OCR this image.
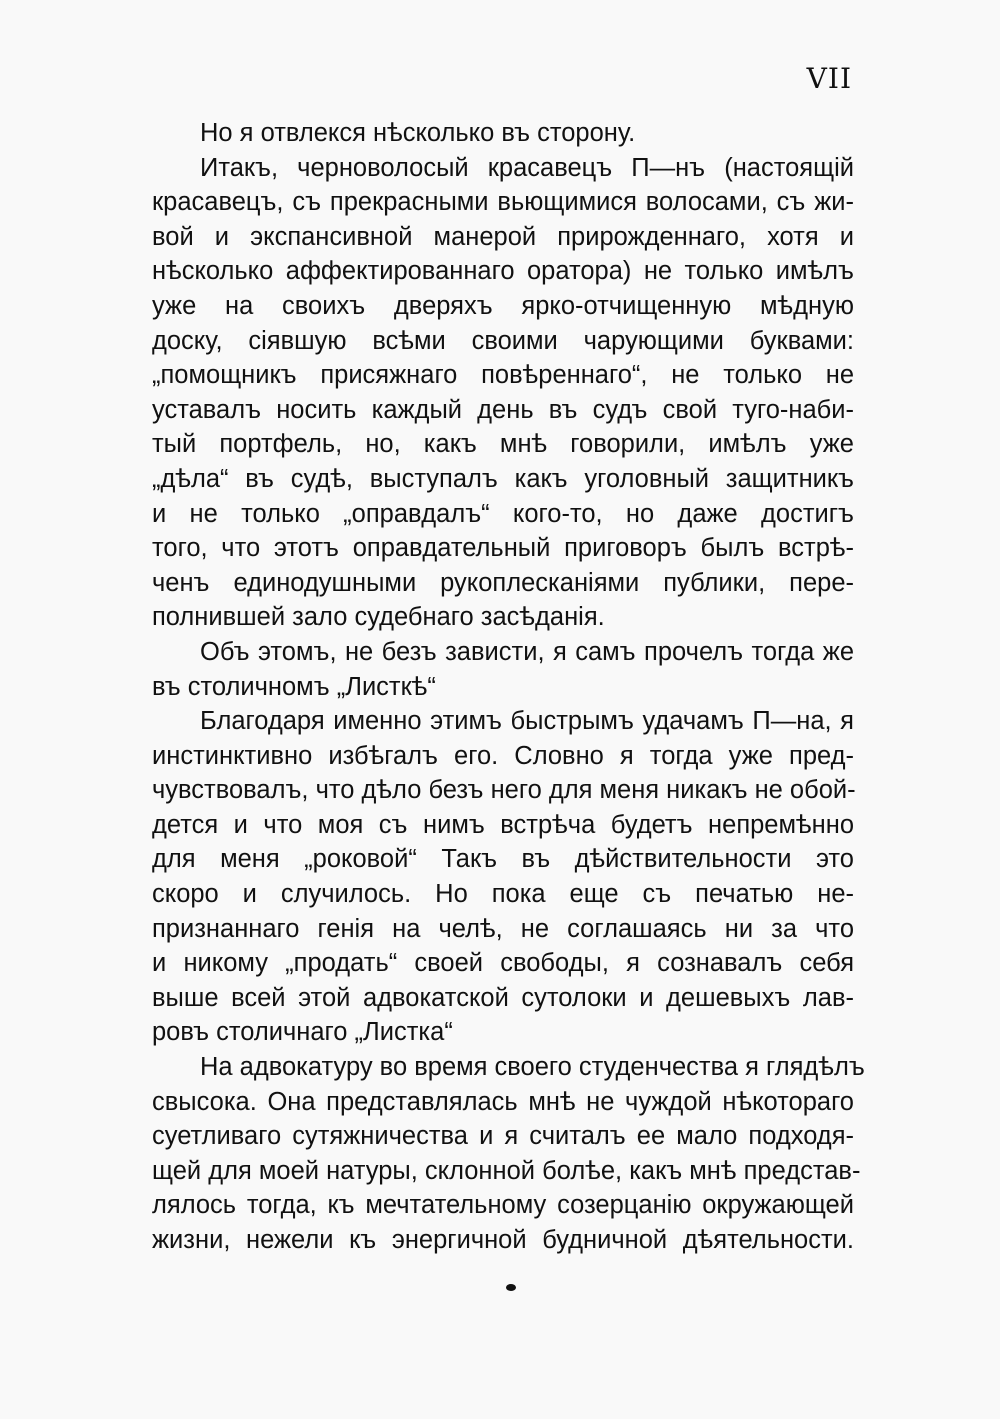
VII
Но я отвлекся нѣсколько въ сторону.
Итакъ, черноволосый красавецъ П—нъ (настоящій
красавецъ, съ прекрасными вьющимися волосами, съ жи-
вой и экспансивной манерой прирожденнаго, хотя и
нѣсколько аффектированнаго оратора) не только имѣлъ
уже на своихъ дверяхъ ярко-отчищенную мѣдную
доску, сіявшую всѣми своими чарующими буквами:
„помощникъ присяжнаго повѣреннаго“, не только не
уставалъ носить каждый день въ судъ свой туго-наби-
тый портфель, но, какъ мнѣ говорили, имѣлъ уже
„дѣла“ въ судѣ, выступалъ какъ уголовный защитникъ
и не только „оправдалъ“ кого-то, но даже достигъ
того, что этотъ оправдательный приговоръ былъ встрѣ-
ченъ единодушными рукоплесканіями публики, пере-
полнившей зало судебнаго засѣданія.
Объ этомъ, не безъ зависти, я самъ прочелъ тогда же
въ столичномъ „Листкѣ“
Благодаря именно этимъ быстрымъ удачамъ П—на, я
инстинктивно избѣгалъ его. Словно я тогда уже пред-
чувствовалъ, что дѣло безъ него для меня никакъ не обой-
дется и что моя съ нимъ встрѣча будетъ непремѣнно
для меня „роковой“ Такъ въ дѣйствительности это
скоро и случилось. Но пока еще съ печатью не-
признаннаго генія на челѣ, не соглашаясь ни за что
и никому „продать“ своей свободы, я сознавалъ себя
выше всей этой адвокатской сутолоки и дешевыхъ лав-
ровъ столичнаго „Листка“
На адвокатуру во время своего студенчества я глядѣлъ
свысока. Она представлялась мнѣ не чуждой нѣкотораго
суетливаго сутяжничества и я считалъ ее мало подходя-
щей для моей натуры, склонной болѣе, какъ мнѣ представ-
лялось тогда, къ мечтательному созерцанію окружающей
жизни, нежели къ энергичной будничной дѣятельности.
